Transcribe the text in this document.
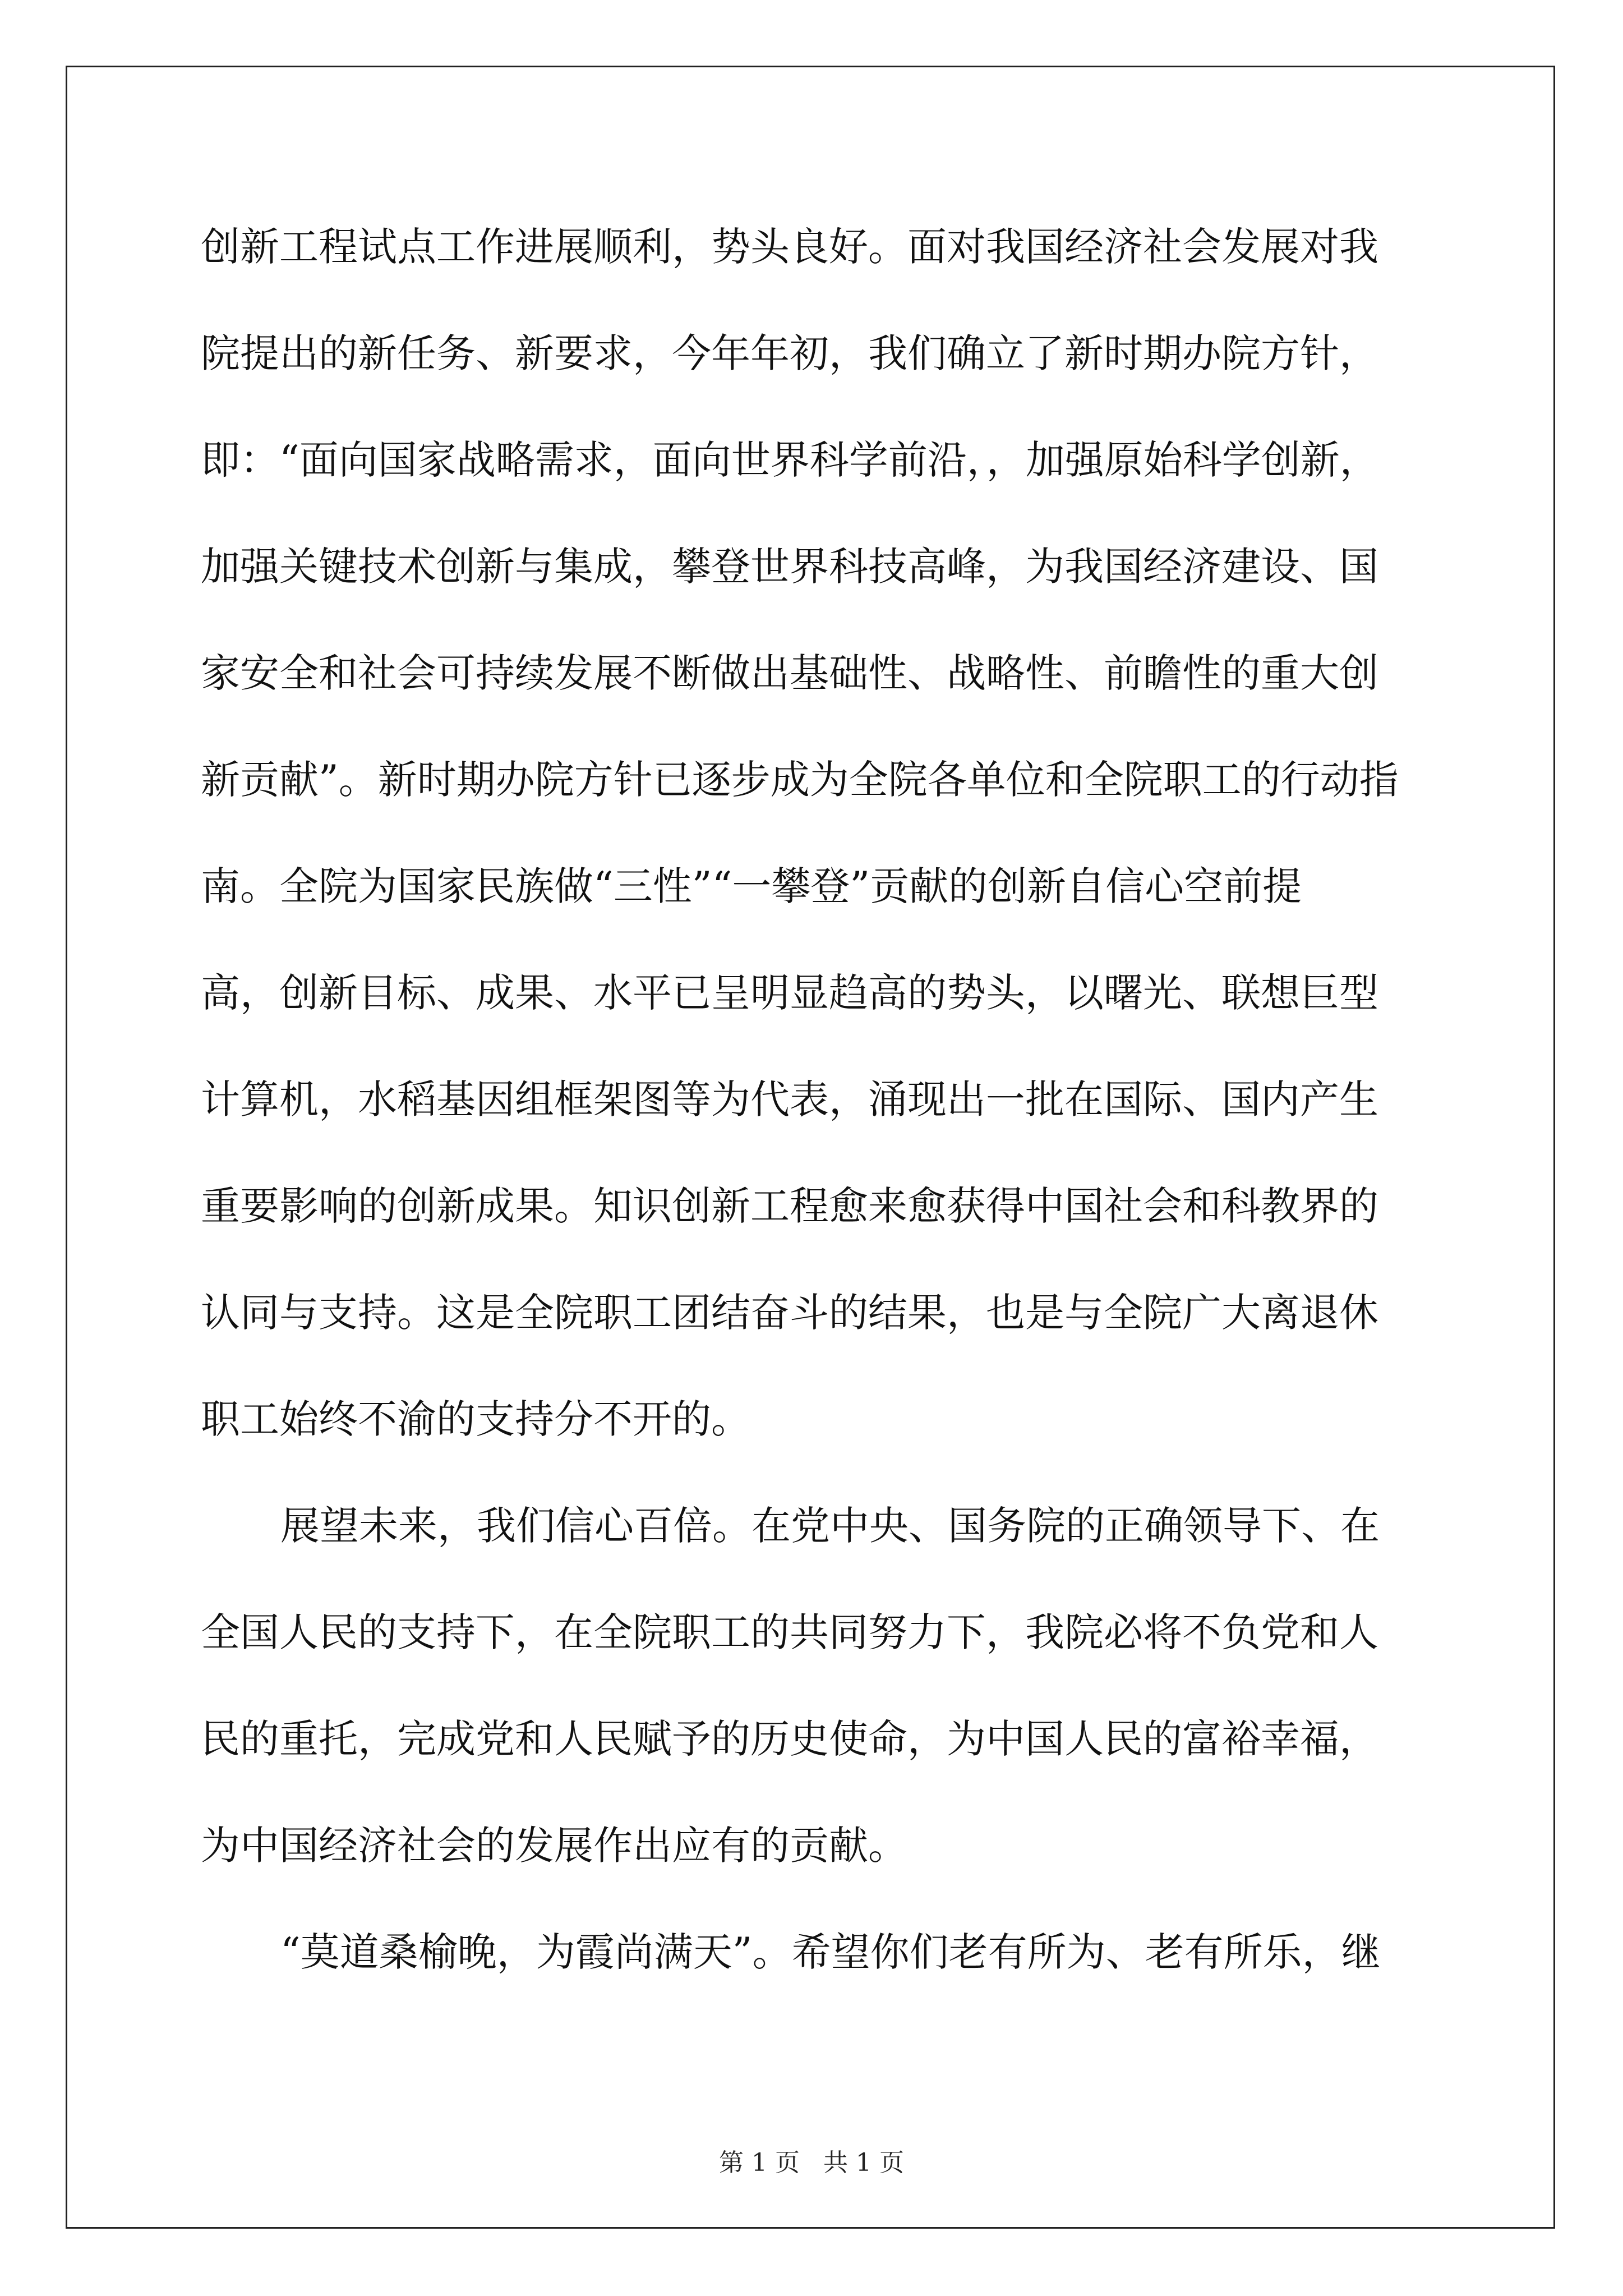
创新工程试点工作进展顺利，势头良好。面对我国经济社会发展对我
院提出的新任务、新要求，今年年初，我们确立了新时期办院方针，
即：“面向国家战略需求，面向世界科学前沿，，加强原始科学创新，
加强关键技术创新与集成，攀登世界科技高峰，为我国经济建设、国
家安全和社会可持续发展不断做出基础性、战略性、前瞻性的重大创
新贡献”。新时期办院方针已逐步成为全院各单位和全院职工的行动指
南。全院为国家民族做“三性”“一攀登”贡献的创新自信心空前提
高，创新目标、成果、水平已呈明显趋高的势头，以曙光、联想巨型
计算机，水稻基因组框架图等为代表，涌现出一批在国际、国内产生
重要影响的创新成果。知识创新工程愈来愈获得中国社会和科教界的
认同与支持。这是全院职工团结奋斗的结果，也是与全院广大离退休
职工始终不渝的支持分不开的。
展望未来，我们信心百倍。在党中央、国务院的正确领导下、在
全国人民的支持下，在全院职工的共同努力下，我院必将不负党和人
民的重托，完成党和人民赋予的历史使命，为中国人民的富裕幸福，
为中国经济社会的发展作出应有的贡献。
“莫道桑榆晚，为霞尚满天”。希望你们老有所为、老有所乐，继
第 1 页   共 1 页
